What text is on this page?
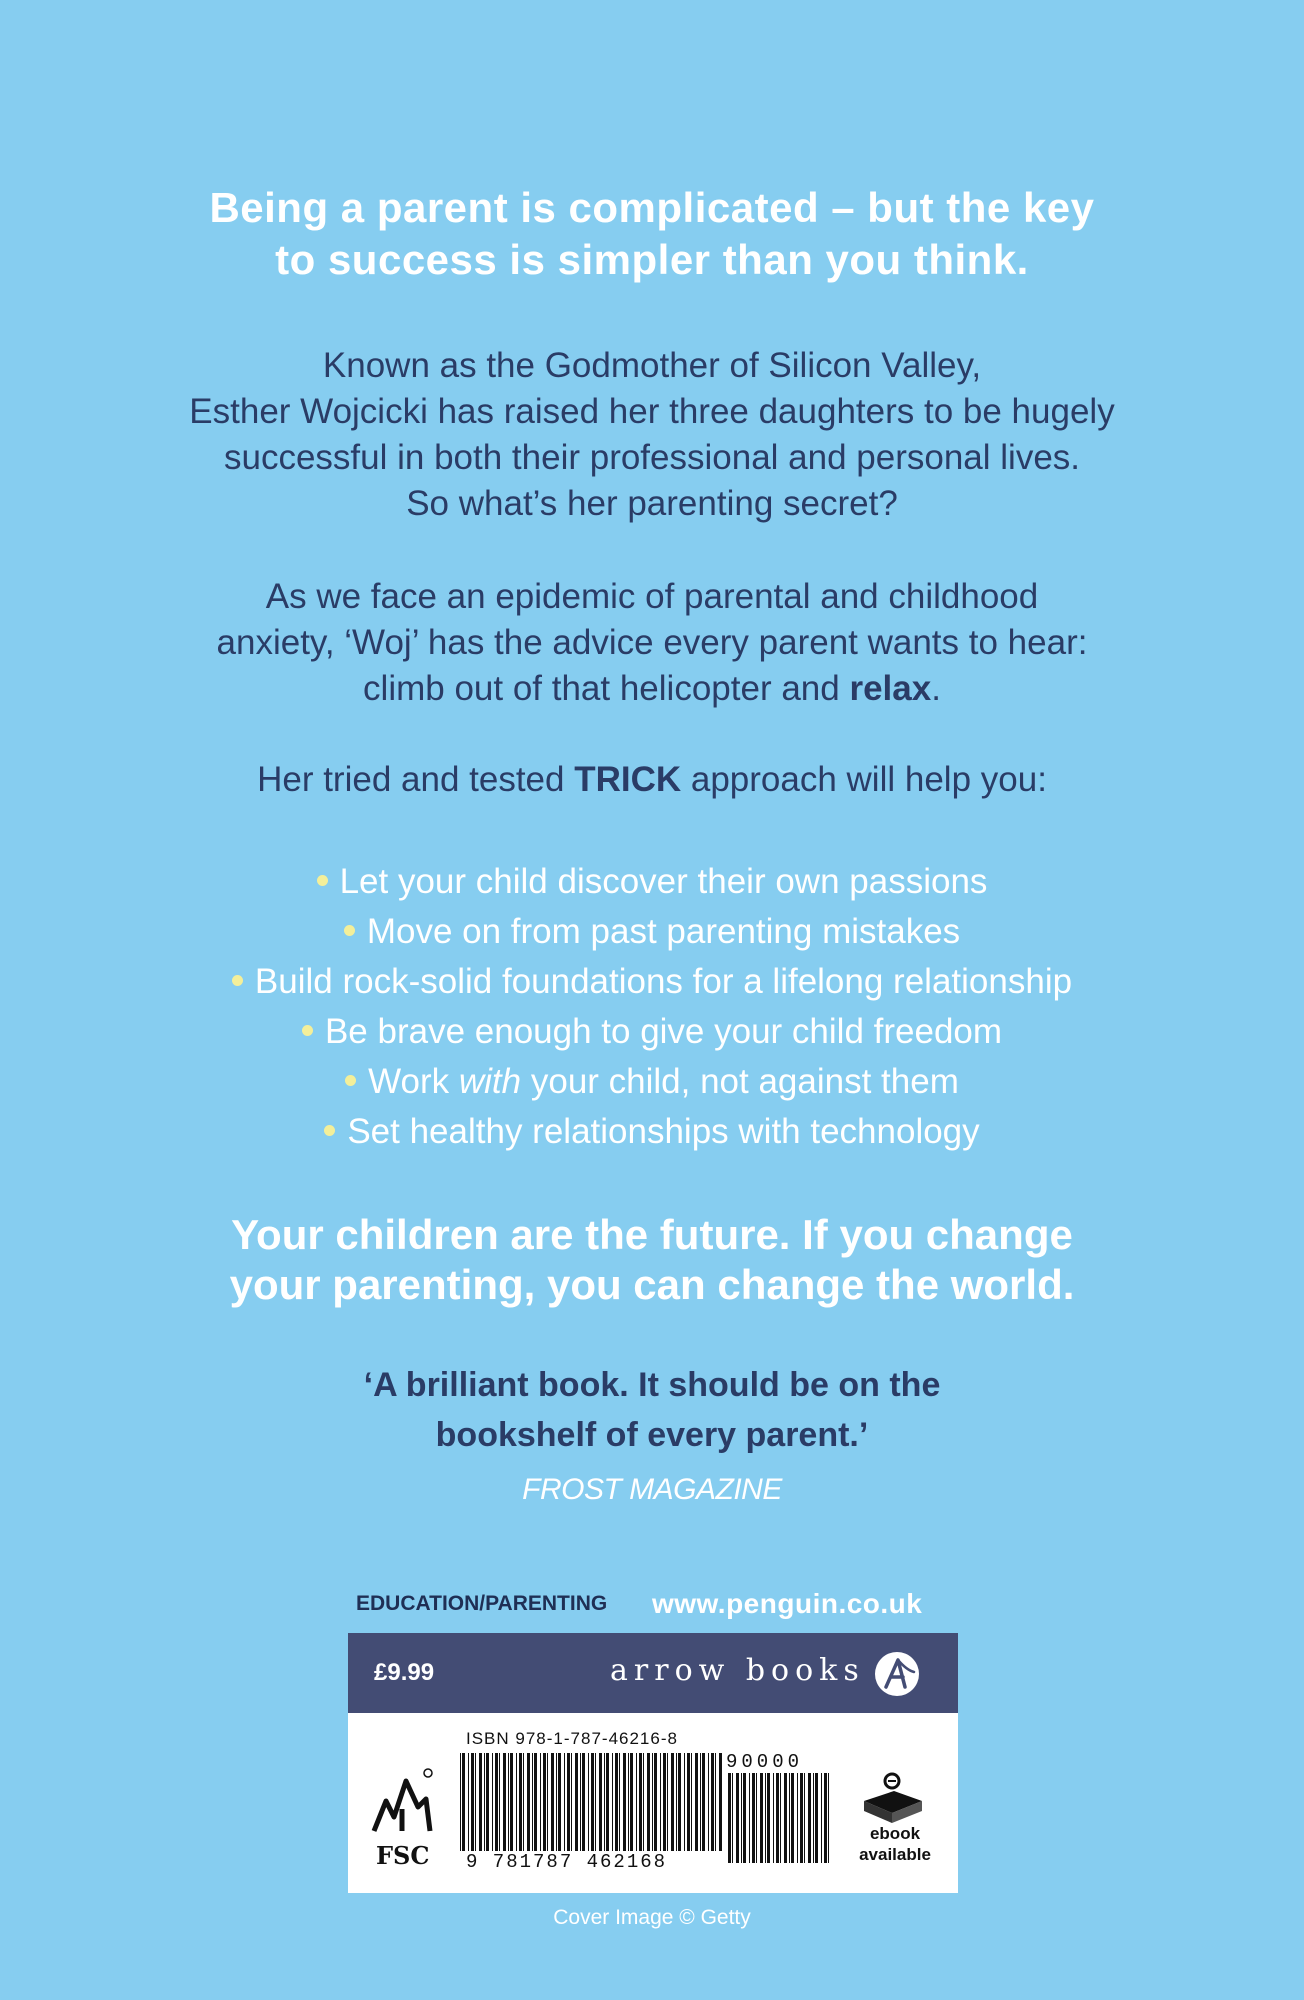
Being a parent is complicated – but the key
to success is simpler than you think.
Known as the Godmother of Silicon Valley,
Esther Wojcicki has raised her three daughters to be hugely
successful in both their professional and personal lives.
So what’s her parenting secret?
As we face an epidemic of parental and childhood
anxiety, ‘Woj’ has the advice every parent wants to hear:
climb out of that helicopter and relax.
Her tried and tested TRICK approach will help you:
Let your child discover their own passions
Move on from past parenting mistakes
Build rock-solid foundations for a lifelong relationship
Be brave enough to give your child freedom
Work with your child, not against them
Set healthy relationships with technology
Your children are the future. If you change
your parenting, you can change the world.
‘A brilliant book. It should be on the
bookshelf of every parent.’
FROST MAGAZINE
EDUCATION/PARENTING www.penguin.co.uk
£9.99	arrow books
ISBN 978-1-787-46216-8
FSC 9 781787 462168
90000
ebook
available
Cover Image © Getty
